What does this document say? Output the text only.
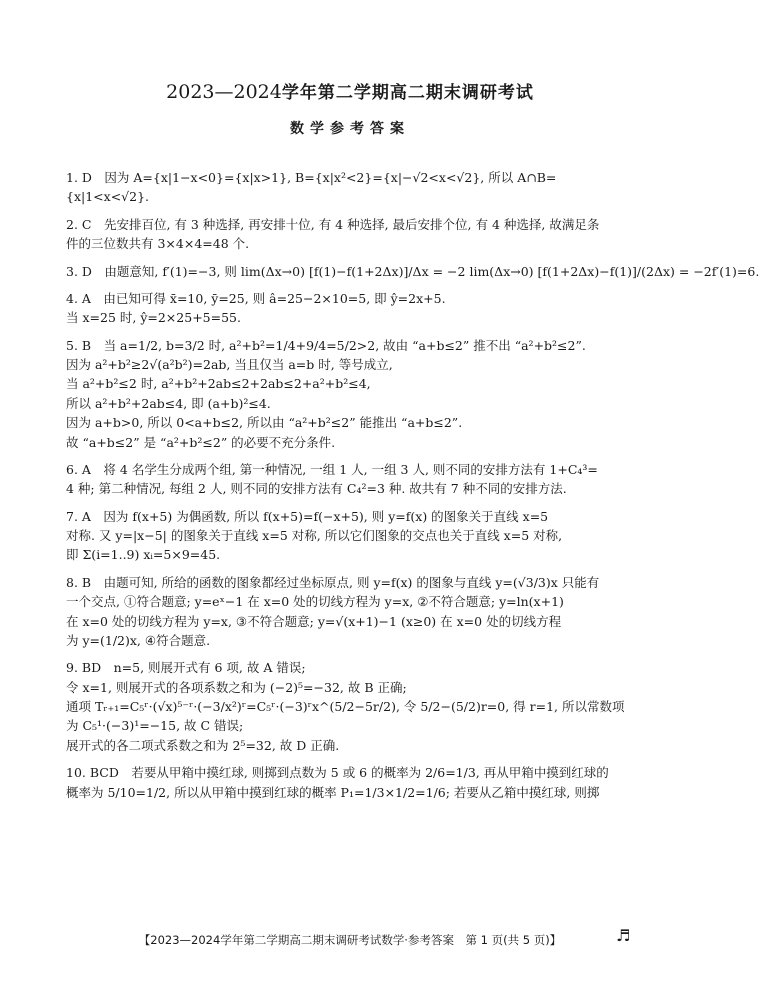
2023—2024学年第二学期高二期末调研考试
数学参考答案
1. D　因为 A={x|1−x<0}={x|x>1}, B={x|x²<2}={x|−√2<x<√2}, 所以 A∩B=
{x|1<x<√2}.
2. C　先安排百位, 有 3 种选择, 再安排十位, 有 4 种选择, 最后安排个位, 有 4 种选择, 故满足条
件的三位数共有 3×4×4=48 个.
3. D　由题意知, f′(1)=−3, 则 lim(Δx→0) [f(1)−f(1+2Δx)]/Δx = −2 lim(Δx→0) [f(1+2Δx)−f(1)]/(2Δx) = −2f′(1)=6.
4. A　由已知可得 x̄=10, ȳ=25, 则 â=25−2×10=5, 即 ŷ=2x+5.
当 x=25 时, ŷ=2×25+5=55.
5. B　当 a=1/2, b=3/2 时, a²+b²=1/4+9/4=5/2>2, 故由 “a+b≤2” 推不出 “a²+b²≤2”.
因为 a²+b²≥2√(a²b²)=2ab, 当且仅当 a=b 时, 等号成立,
当 a²+b²≤2 时, a²+b²+2ab≤2+2ab≤2+a²+b²≤4,
所以 a²+b²+2ab≤4, 即 (a+b)²≤4.
因为 a+b>0, 所以 0<a+b≤2, 所以由 “a²+b²≤2” 能推出 “a+b≤2”.
故 “a+b≤2” 是 “a²+b²≤2” 的必要不充分条件.
6. A　将 4 名学生分成两个组, 第一种情况, 一组 1 人, 一组 3 人, 则不同的安排方法有 1+C₄³=
4 种; 第二种情况, 每组 2 人, 则不同的安排方法有 C₄²=3 种. 故共有 7 种不同的安排方法.
7. A　因为 f(x+5) 为偶函数, 所以 f(x+5)=f(−x+5), 则 y=f(x) 的图象关于直线 x=5
对称. 又 y=|x−5| 的图象关于直线 x=5 对称, 所以它们图象的交点也关于直线 x=5 对称,
即 Σ(i=1..9) xᵢ=5×9=45.
8. B　由题可知, 所给的函数的图象都经过坐标原点, 则 y=f(x) 的图象与直线 y=(√3/3)x 只能有
一个交点, ①符合题意; y=eˣ−1 在 x=0 处的切线方程为 y=x, ②不符合题意; y=ln(x+1)
在 x=0 处的切线方程为 y=x, ③不符合题意; y=√(x+1)−1 (x≥0) 在 x=0 处的切线方程
为 y=(1/2)x, ④符合题意.
9. BD　n=5, 则展开式有 6 项, 故 A 错误;
令 x=1, 则展开式的各项系数之和为 (−2)⁵=−32, 故 B 正确;
通项 Tᵣ₊₁=C₅ʳ·(√x)⁵⁻ʳ·(−3/x²)ʳ=C₅ʳ·(−3)ʳx^(5/2−5r/2), 令 5/2−(5/2)r=0, 得 r=1, 所以常数项
为 C₅¹·(−3)¹=−15, 故 C 错误;
展开式的各二项式系数之和为 2⁵=32, 故 D 正确.
10. BCD　若要从甲箱中摸红球, 则掷到点数为 5 或 6 的概率为 2/6=1/3, 再从甲箱中摸到红球的
概率为 5/10=1/2, 所以从甲箱中摸到红球的概率 P₁=1/3×1/2=1/6; 若要从乙箱中摸红球, 则掷
【2023—2024学年第二学期高二期末调研考试数学·参考答案　第 1 页(共 5 页)】	♬
